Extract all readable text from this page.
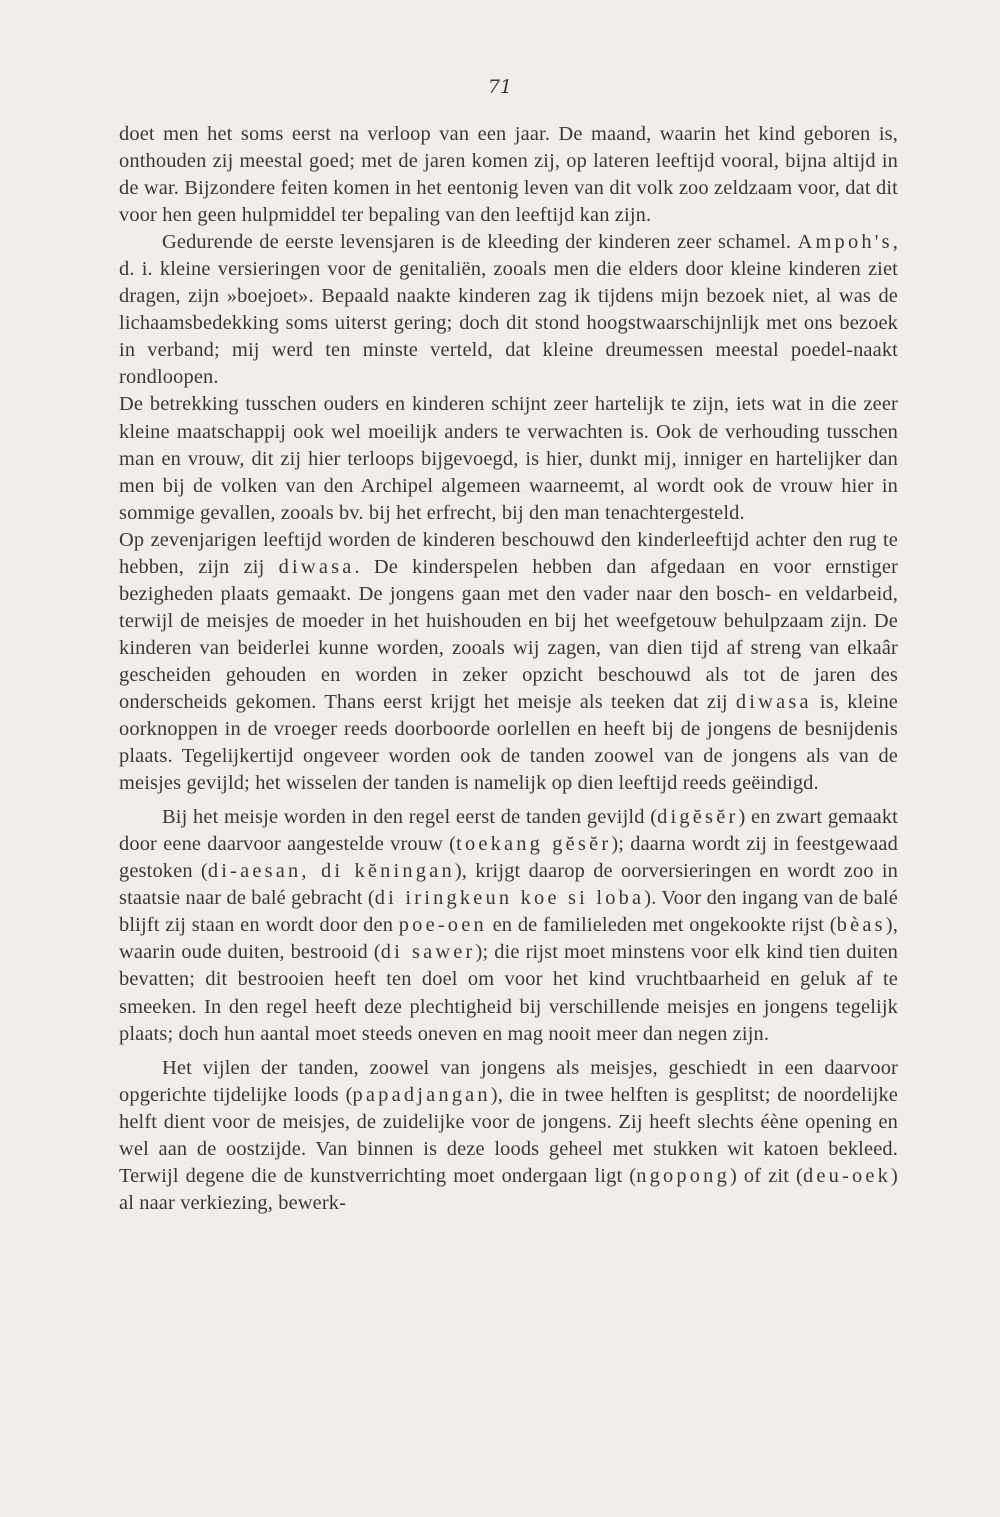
71

doet men het soms eerst na verloop van een jaar. De maand, waarin het kind geboren is, onthouden zij meestal goed; met de jaren komen zij, op lateren leeftijd vooral, bijna altijd in de war. Bijzondere feiten komen in het eentonig leven van dit volk zoo zeldzaam voor, dat dit voor hen geen hulpmiddel ter bepaling van den leeftijd kan zijn.

Gedurende de eerste levensjaren is de kleeding der kinderen zeer schamel. Ampoh's, d. i. kleine versieringen voor de genitaliën, zooals men die elders door kleine kinderen ziet dragen, zijn »boejoet». Bepaald naakte kinderen zag ik tijdens mijn bezoek niet, al was de lichaamsbedekking soms uiterst gering; doch dit stond hoogstwaarschijnlijk met ons bezoek in verband; mij werd ten minste verteld, dat kleine dreumessen meestal poedel-naakt rondloopen.

De betrekking tusschen ouders en kinderen schijnt zeer hartelijk te zijn, iets wat in die zeer kleine maatschappij ook wel moeilijk anders te verwachten is. Ook de verhouding tusschen man en vrouw, dit zij hier terloops bijgevoegd, is hier, dunkt mij, inniger en hartelijker dan men bij de volken van den Archipel algemeen waarneemt, al wordt ook de vrouw hier in sommige gevallen, zooals bv. bij het erfrecht, bij den man tenachtergesteld.

Op zevenjarigen leeftijd worden de kinderen beschouwd den kinderleeftijd achter den rug te hebben, zijn zij diwasa. De kinderspelen hebben dan afgedaan en voor ernstiger bezigheden plaats gemaakt. De jongens gaan met den vader naar den bosch- en veldarbeid, terwijl de meisjes de moeder in het huishouden en bij het weefgetouw behulpzaam zijn. De kinderen van beiderlei kunne worden, zooals wij zagen, van dien tijd af streng van elkaâr gescheiden gehouden en worden in zeker opzicht beschouwd als tot de jaren des onderscheids gekomen. Thans eerst krijgt het meisje als teeken dat zij diwasa is, kleine oorknoppen in de vroeger reeds doorboorde oorlellen en heeft bij de jongens de besnijdenis plaats. Tegelijkertijd ongeveer worden ook de tanden zoowel van de jongens als van de meisjes gevijld; het wisselen der tanden is namelijk op dien leeftijd reeds geëindigd.

Bij het meisje worden in den regel eerst de tanden gevijld (digĕsĕr) en zwart gemaakt door eene daarvoor aangestelde vrouw (toekang gĕsĕr); daarna wordt zij in feestgewaad gestoken (di-aesan, di kĕningan), krijgt daarop de oorversieringen en wordt zoo in staatsie naar de balé gebracht (di iringkeun koe si loba). Voor den ingang van de balé blijft zij staan en wordt door den poe-oen en de familieleden met ongekookte rijst (bèas), waarin oude duiten, bestrooid (di sawer); die rijst moet minstens voor elk kind tien duiten bevatten; dit bestrooien heeft ten doel om voor het kind vruchtbaarheid en geluk af te smeeken. In den regel heeft deze plechtigheid bij verschillende meisjes en jongens tegelijk plaats; doch hun aantal moet steeds oneven en mag nooit meer dan negen zijn.

Het vijlen der tanden, zoowel van jongens als meisjes, geschiedt in een daarvoor opgerichte tijdelijke loods (papadjangan), die in twee helften is gesplitst; de noordelijke helft dient voor de meisjes, de zuidelijke voor de jongens. Zij heeft slechts éène opening en wel aan de oostzijde. Van binnen is deze loods geheel met stukken wit katoen bekleed. Terwijl degene die de kunstverrichting moet ondergaan ligt (ngopong) of zit (deu-oek) al naar verkiezing, bewerk-
